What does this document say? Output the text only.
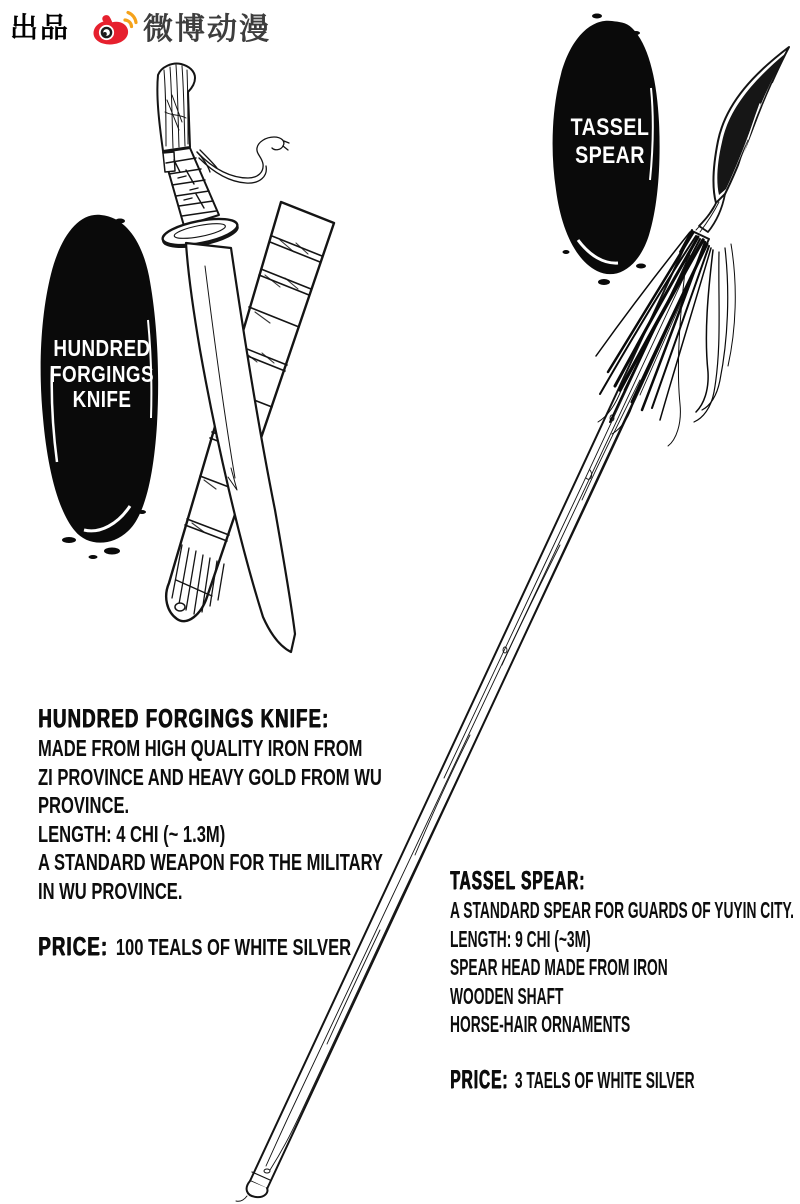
出品 微博动漫
HUNDRED
FORGINGS
KNIFE
TASSEL
SPEAR
HUNDRED FORGINGS KNIFE:
MADE FROM HIGH QUALITY IRON FROM
ZI PROVINCE AND HEAVY GOLD FROM WU
PROVINCE.
LENGTH: 4 CHI (~ 1.3M)
A STANDARD WEAPON FOR THE MILITARY
IN WU PROVINCE.
PRICE: 100 TEALS OF WHITE SILVER
TASSEL SPEAR:
A STANDARD SPEAR FOR GUARDS OF YUYIN CITY.
LENGTH: 9 CHI (~3M)
SPEAR HEAD MADE FROM IRON
WOODEN SHAFT
HORSE-HAIR ORNAMENTS
PRICE: 3 TAELS OF WHITE SILVER
